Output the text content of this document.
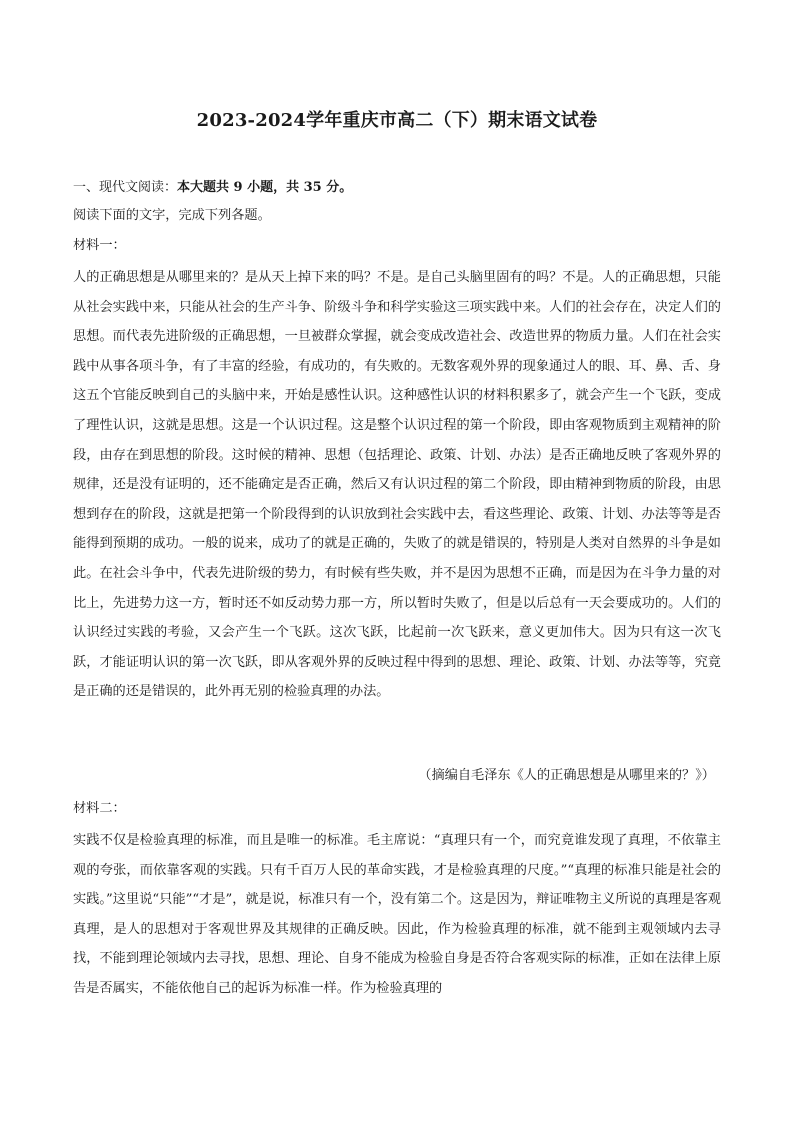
2023-2024学年重庆市高二（下）期末语文试卷

一、现代文阅读：本大题共 9 小题，共 35 分。

阅读下面的文字，完成下列各题。

材料一：

人的正确思想是从哪里来的？是从天上掉下来的吗？不是。是自己头脑里固有的吗？不是。人的正确思想，只能从社会实践中来，只能从社会的生产斗争、阶级斗争和科学实验这三项实践中来。人们的社会存在，决定人们的思想。而代表先进阶级的正确思想，一旦被群众掌握，就会变成改造社会、改造世界的物质力量。人们在社会实践中从事各项斗争，有了丰富的经验，有成功的，有失败的。无数客观外界的现象通过人的眼、耳、鼻、舌、身这五个官能反映到自己的头脑中来，开始是感性认识。这种感性认识的材料积累多了，就会产生一个飞跃，变成了理性认识，这就是思想。这是一个认识过程。这是整个认识过程的第一个阶段，即由客观物质到主观精神的阶段，由存在到思想的阶段。这时候的精神、思想（包括理论、政策、计划、办法）是否正确地反映了客观外界的规律，还是没有证明的，还不能确定是否正确，然后又有认识过程的第二个阶段，即由精神到物质的阶段，由思想到存在的阶段，这就是把第一个阶段得到的认识放到社会实践中去，看这些理论、政策、计划、办法等等是否能得到预期的成功。一般的说来，成功了的就是正确的，失败了的就是错误的，特别是人类对自然界的斗争是如此。在社会斗争中，代表先进阶级的势力，有时候有些失败，并不是因为思想不正确，而是因为在斗争力量的对比上，先进势力这一方，暂时还不如反动势力那一方，所以暂时失败了，但是以后总有一天会要成功的。人们的认识经过实践的考验，又会产生一个飞跃。这次飞跃，比起前一次飞跃来，意义更加伟大。因为只有这一次飞跃，才能证明认识的第一次飞跃，即从客观外界的反映过程中得到的思想、理论、政策、计划、办法等等，究竟是正确的还是错误的，此外再无别的检验真理的办法。

（摘编自毛泽东《人的正确思想是从哪里来的？》）

材料二：

实践不仅是检验真理的标准，而且是唯一的标准。毛主席说：“真理只有一个，而究竟谁发现了真理，不依靠主观的夸张，而依靠客观的实践。只有千百万人民的革命实践，才是检验真理的尺度。”“真理的标准只能是社会的实践。”这里说“只能”“才是”，就是说，标准只有一个，没有第二个。这是因为，辩证唯物主义所说的真理是客观真理，是人的思想对于客观世界及其规律的正确反映。因此，作为检验真理的标准，就不能到主观领域内去寻找，不能到理论领域内去寻找，思想、理论、自身不能成为检验自身是否符合客观实际的标准，正如在法律上原告是否属实，不能依他自己的起诉为标准一样。作为检验真理的
